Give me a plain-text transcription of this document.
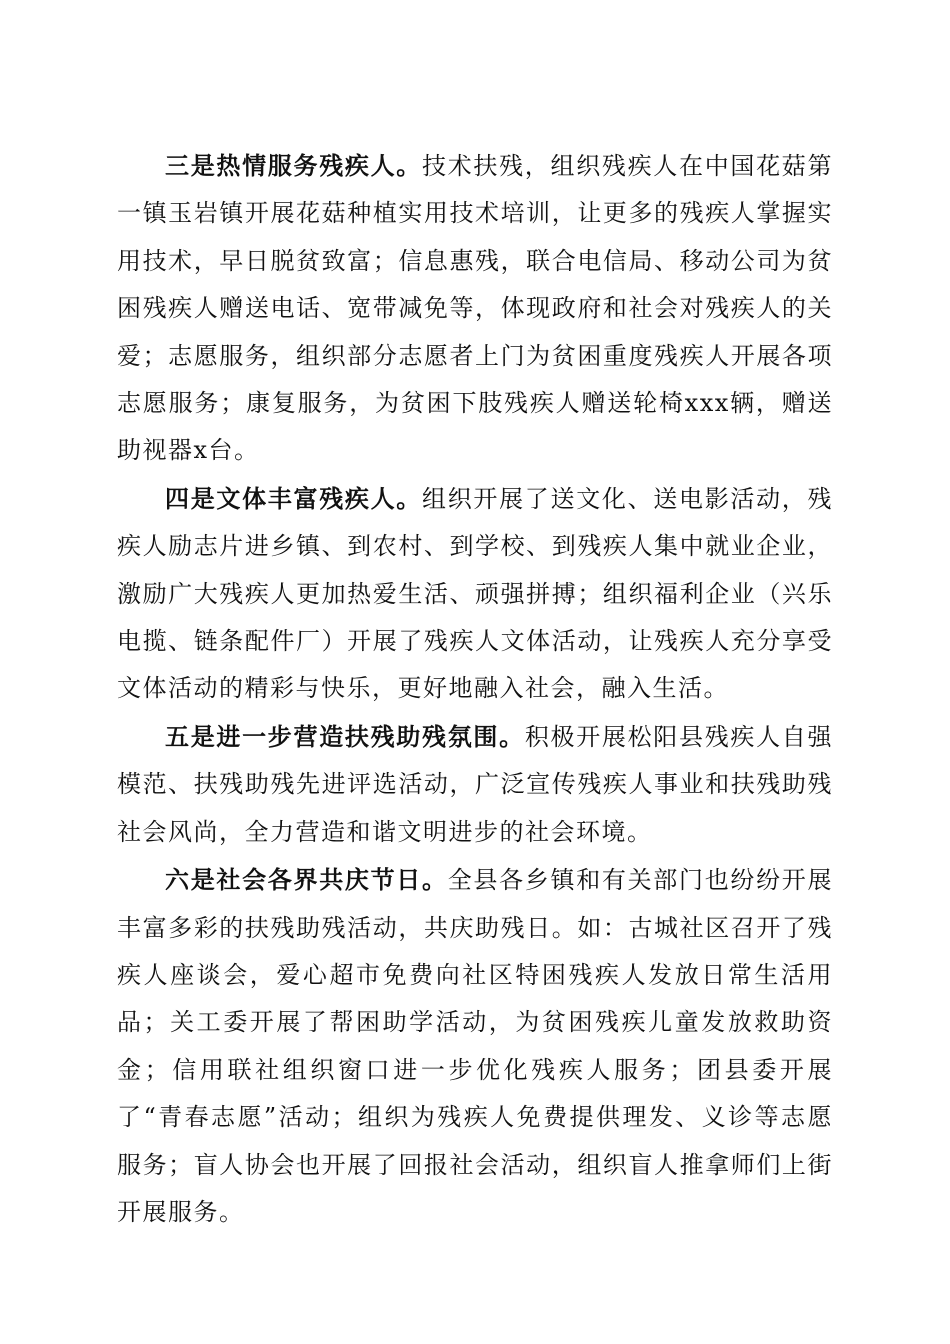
三是热情服务残疾人。技术扶残，组织残疾人在中国花菇第一镇玉岩镇开展花菇种植实用技术培训，让更多的残疾人掌握实用技术，早日脱贫致富；信息惠残，联合电信局、移动公司为贫困残疾人赠送电话、宽带减免等，体现政府和社会对残疾人的关爱；志愿服务，组织部分志愿者上门为贫困重度残疾人开展各项志愿服务；康复服务，为贫困下肢残疾人赠送轮椅xxx辆，赠送助视器x台。

四是文体丰富残疾人。组织开展了送文化、送电影活动，残疾人励志片进乡镇、到农村、到学校、到残疾人集中就业企业，激励广大残疾人更加热爱生活、顽强拼搏；组织福利企业（兴乐电揽、链条配件厂）开展了残疾人文体活动，让残疾人充分享受文体活动的精彩与快乐，更好地融入社会，融入生活。

五是进一步营造扶残助残氛围。积极开展松阳县残疾人自强模范、扶残助残先进评选活动，广泛宣传残疾人事业和扶残助残社会风尚，全力营造和谐文明进步的社会环境。

六是社会各界共庆节日。全县各乡镇和有关部门也纷纷开展丰富多彩的扶残助残活动，共庆助残日。如：古城社区召开了残疾人座谈会，爱心超市免费向社区特困残疾人发放日常生活用品；关工委开展了帮困助学活动，为贫困残疾儿童发放救助资金；信用联社组织窗口进一步优化残疾人服务；团县委开展了“青春志愿”活动；组织为残疾人免费提供理发、义诊等志愿服务；盲人协会也开展了回报社会活动，组织盲人推拿师们上街开展服务。
